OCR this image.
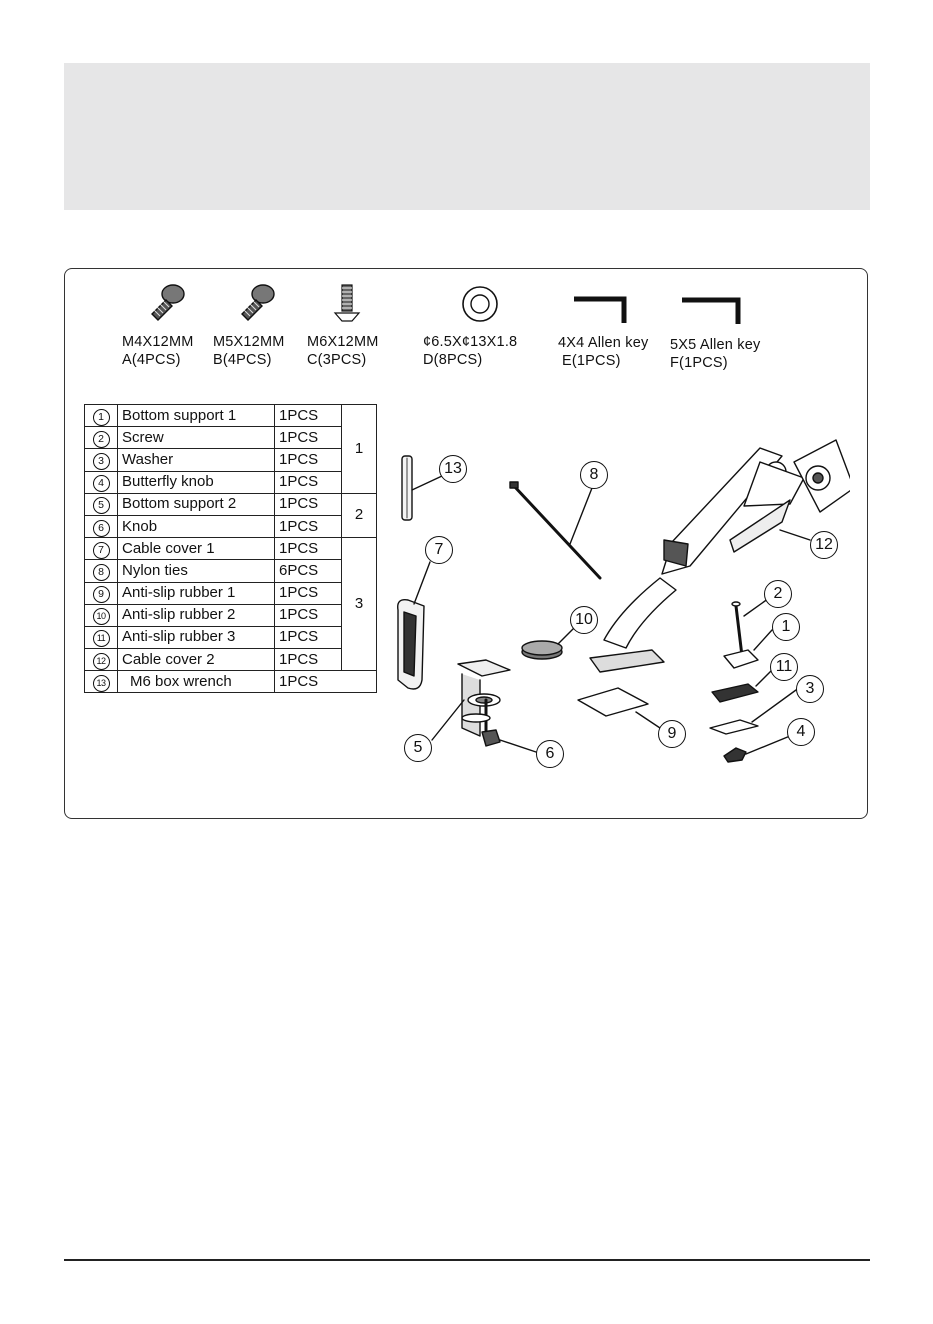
M4X12MM
A(4PCS)
M5X12MM
B(4PCS)
M6X12MM
C(3PCS)
¢6.5X¢13X1.8
D(8PCS)
4X4 Allen key
E(1PCS)
5X5 Allen key
F(1PCS)
1	Bottom support 1	1PCS	1
2	Screw	1PCS	
3	Washer	1PCS	
4	Butterfly knob	1PCS	
5	Bottom support 2	1PCS	2
6	Knob	1PCS	
7	Cable cover 1	1PCS	3
8	Nylon ties	6PCS	
9	Anti-slip rubber 1	1PCS	
10	Anti-slip rubber 2	1PCS	
11	Anti-slip rubber 3	1PCS	
12	Cable cover 2	1PCS	
13	M6 box wrench	1PCS	
13	8
7	12
2
1
10
11
3
9	4
5	6
